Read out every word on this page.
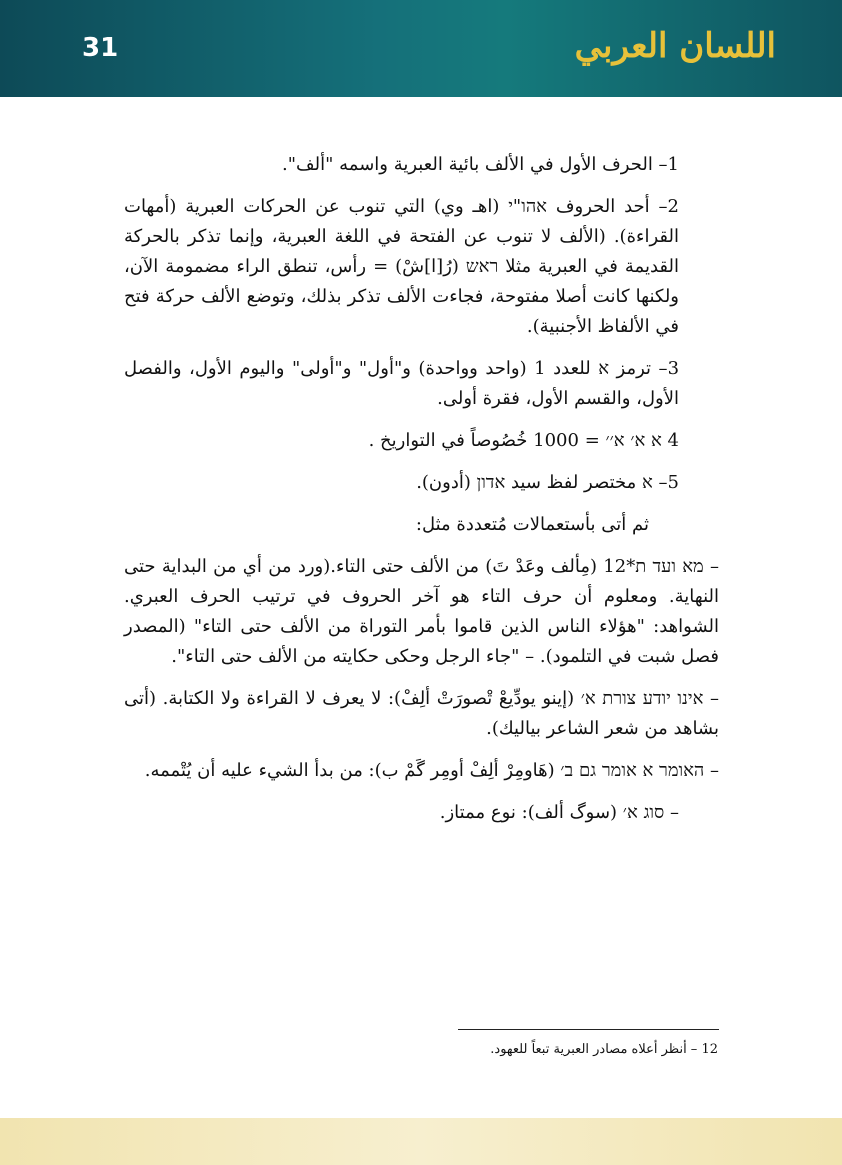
31	اللسان العربي

1– الحرف الأول في الألف بائية العبرية واسمه "ألف".

2– أحد الحروف אהו"י (اهـ وي) التي تنوب عن الحركات العبرية (أمهات القراءة). (الألف لا تنوب عن الفتحة في اللغة العبرية، وإنما تذكر بالحركة القديمة في العبرية مثلا ראש (رُ[ا]شْ) = رأس، تنطق الراء مضمومة الآن، ولكنها كانت أصلا مفتوحة، فجاءت الألف تذكر بذلك، وتوضع الألف حركة فتح في الألفاظ الأجنبية).

3– ترمز א للعدد 1 (واحد وواحدة) و"أول" و"أولى" واليوم الأول، والفصل الأول، والقسم الأول، فقرة أولى.

4 א א׳ א׳׳ = 1000 خُصُوصاً في التواريخ .

5– א مختصر لفظ سيد אדון (أدون).

ثم أتى بأستعمالات مُتعددة مثل:

– מא ועד ת*12 (مِألف وعَدْ تَ) من الألف حتى التاء.(ورد من أي من البداية حتى النهاية. ومعلوم أن حرف التاء هو آخر الحروف في ترتيب الحرف العبري. الشواهد: "هؤلاء الناس الذين قاموا بأمر التوراة من الألف حتى التاء" (المصدر فصل شبت في التلمود). – "جاء الرجل وحكى حكايته من الألف حتى التاء".

– אינו יודע צורת א׳ (إينو يودِّيعْ تْصورَتْ ألِفْ): لا يعرف لا القراءة ولا الكتابة. (أتى بشاهد من شعر الشاعر بياليك).

– האומר א אומר גם ב׳ (هَاومِرْ ألِفْ أومِر گَمْ ب): من بدأ الشيء عليه أن يُتْممه.

– סוג א׳ (سوگ ألف): نوع ممتاز.

12 – أنظر أعلاه مصادر العبرية تبعاً للعهود.
